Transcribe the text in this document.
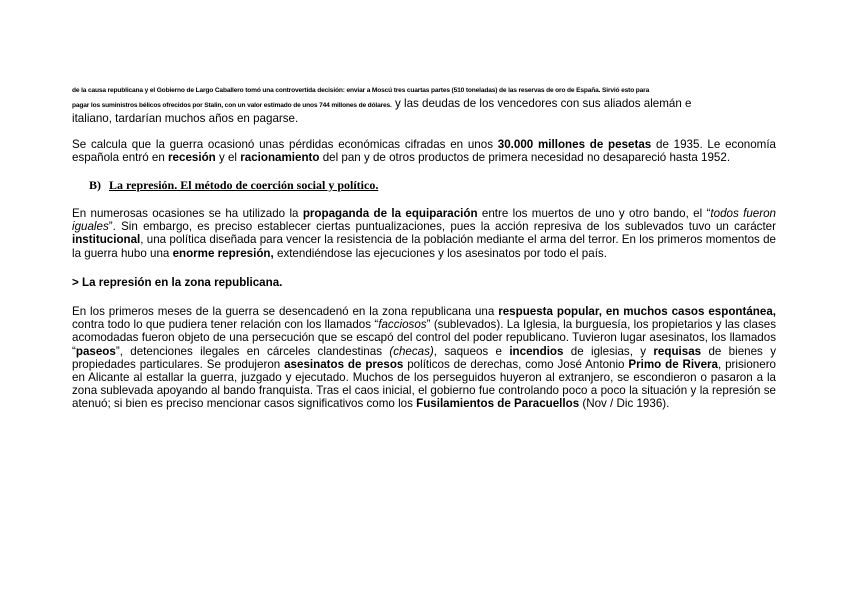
de la causa republicana y el Gobierno de Largo Caballero tomó una controvertida decisión: enviar a Moscú tres cuartas partes (510 toneladas) de las reservas de oro de España. Sirvió esto para
pagar los suministros bélicos ofrecidos por Stalin, con un valor estimado de unos 744 millones de dólares. y las deudas de los vencedores con sus aliados alemán e
italiano, tardarían muchos años en pagarse.
Se calcula que la guerra ocasionó unas pérdidas económicas cifradas en unos 30.000 millones de pesetas de 1935. Le economía española entró en recesión y el racionamiento del pan y de otros productos de primera necesidad no desapareció hasta 1952.
B) La represión. El método de coerción social y político.
En numerosas ocasiones se ha utilizado la propaganda de la equiparación entre los muertos de uno y otro bando, el “todos fueron iguales”. Sin embargo, es preciso establecer ciertas puntualizaciones, pues la acción represiva de los sublevados tuvo un carácter institucional, una política diseñada para vencer la resistencia de la población mediante el arma del terror. En los primeros momentos de la guerra hubo una enorme represión, extendiéndose las ejecuciones y los asesinatos por todo el país.
> La represión en la zona republicana.
En los primeros meses de la guerra se desencadenó en la zona republicana una respuesta popular, en muchos casos espontánea, contra todo lo que pudiera tener relación con los llamados “facciosos” (sublevados). La Iglesia, la burguesía, los propietarios y las clases acomodadas fueron objeto de una persecución que se escapó del control del poder republicano. Tuvieron lugar asesinatos, los llamados “paseos”, detenciones ilegales en cárceles clandestinas (checas), saqueos e incendios de iglesias, y requisas de bienes y propiedades particulares. Se produjeron asesinatos de presos políticos de derechas, como José Antonio Primo de Rivera, prisionero en Alicante al estallar la guerra, juzgado y ejecutado. Muchos de los perseguidos huyeron al extranjero, se escondieron o pasaron a la zona sublevada apoyando al bando franquista. Tras el caos inicial, el gobierno fue controlando poco a poco la situación y la represión se atenuó; si bien es preciso mencionar casos significativos como los Fusilamientos de Paracuellos (Nov / Dic 1936).
